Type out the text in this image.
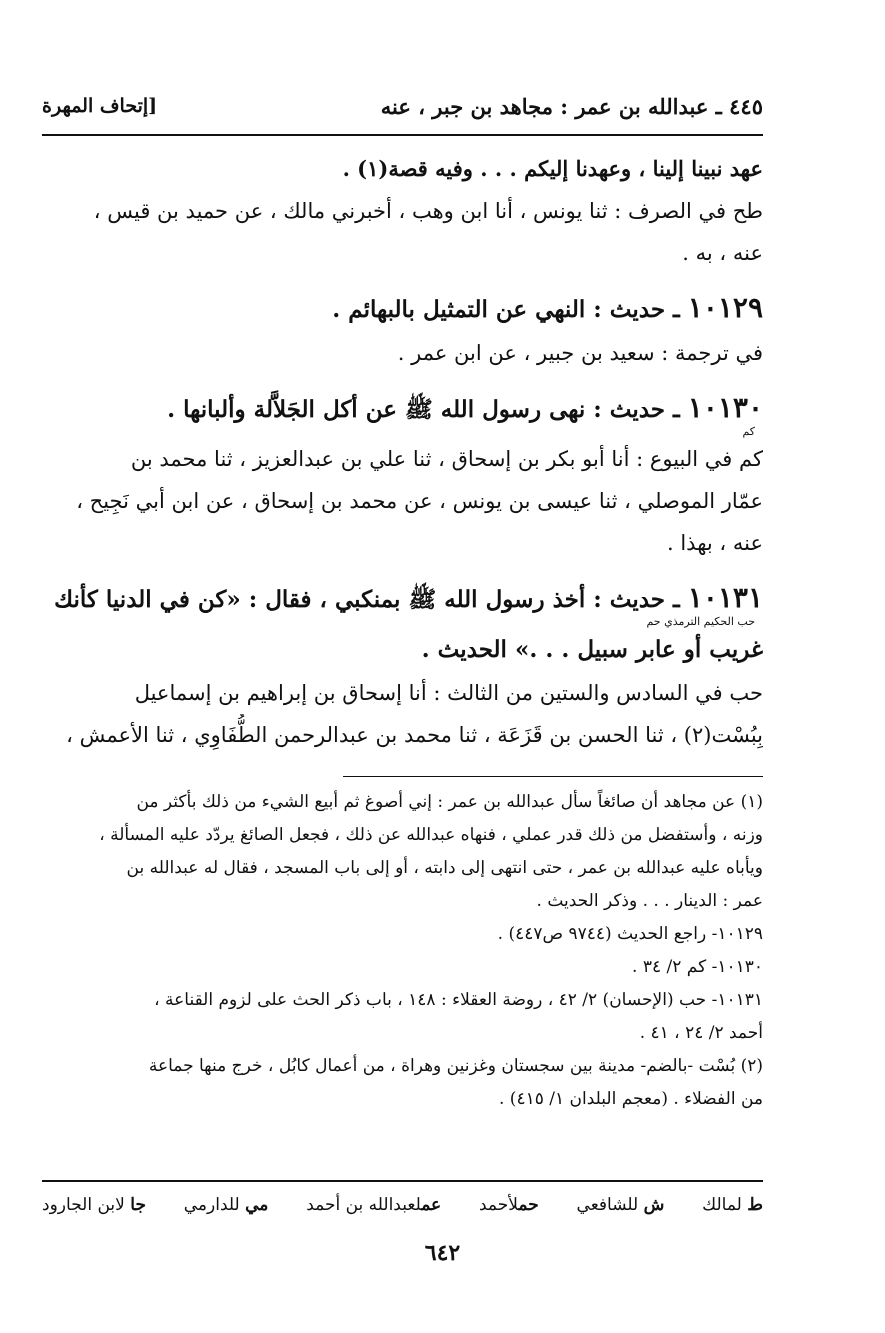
٤٤٥ ـ عبدالله بن عمر : مجاهد بن جبر ، عنه
[إتحاف المهرة
عهد نبينا إلينا ، وعهدنا إليكم . . . وفيه قصة(١) .
طح في الصرف : ثنا يونس ، أنا ابن وهب ، أخبرني مالك ، عن حميد بن قيس ،
عنه ، به .
١٠١٢٩ ـ حديث : النهي عن التمثيل بالبهائم .
في ترجمة : سعيد بن جبير ، عن ابن عمر .
١٠١٣٠ ـ حديث : نهى رسول الله ﷺ عن أكل الجَلاَّلة وألبانها .
كم
كم في البيوع : أنا أبو بكر بن إسحاق ، ثنا علي بن عبدالعزيز ، ثنا محمد بن
عمّار الموصلي ، ثنا عيسى بن يونس ، عن محمد بن إسحاق ، عن ابن أبي نَجِيح ،
عنه ، بهذا .
١٠١٣١ ـ حديث : أخذ رسول الله ﷺ بمنكبي ، فقال : «كن في الدنيا كأنك
حب الحكيم الترمذي حم
غريب أو عابر سبيل . . .» الحديث .
حب في السادس والستين من الثالث : أنا إسحاق بن إبراهيم بن إسماعيل
بِبُسْت(٢) ، ثنا الحسن بن قَزَعَة ، ثنا محمد بن عبدالرحمن الطُّفَاوِي ، ثنا الأعمش ،
(١) عن مجاهد أن صائغاً سأل عبدالله بن عمر : إني أصوغ ثم أبيع الشيء من ذلك بأكثر من
وزنه ، وأستفضل من ذلك قدر عملي ، فنهاه عبدالله عن ذلك ، فجعل الصائغ يردّد عليه المسألة ،
ويأباه عليه عبدالله بن عمر ، حتى انتهى إلى دابته ، أو إلى باب المسجد ، فقال له عبدالله بن
عمر : الدينار . . . وذكر الحديث .
١٠١٢٩- راجع الحديث (٩٧٤٤ ص٤٤٧) .
١٠١٣٠- كم ٢/ ٣٤ .
١٠١٣١- حب (الإحسان) ٢/ ٤٢ ، روضة العقلاء : ١٤٨ ، باب ذكر الحث على لزوم القناعة ،
أحمد ٢/ ٢٤ ، ٤١ .
(٢) بُسْت -بالضم- مدينة بين سجستان وغزنين وهراة ، من أعمال كابُل ، خرج منها جماعة
من الفضلاء . (معجم البلدان ١/ ٤١٥) .
ط لمالك
ش للشافعي
حملأحمد
عملعبدالله بن أحمد
مي للدارمي
جا لابن الجارود
٦٤٢
